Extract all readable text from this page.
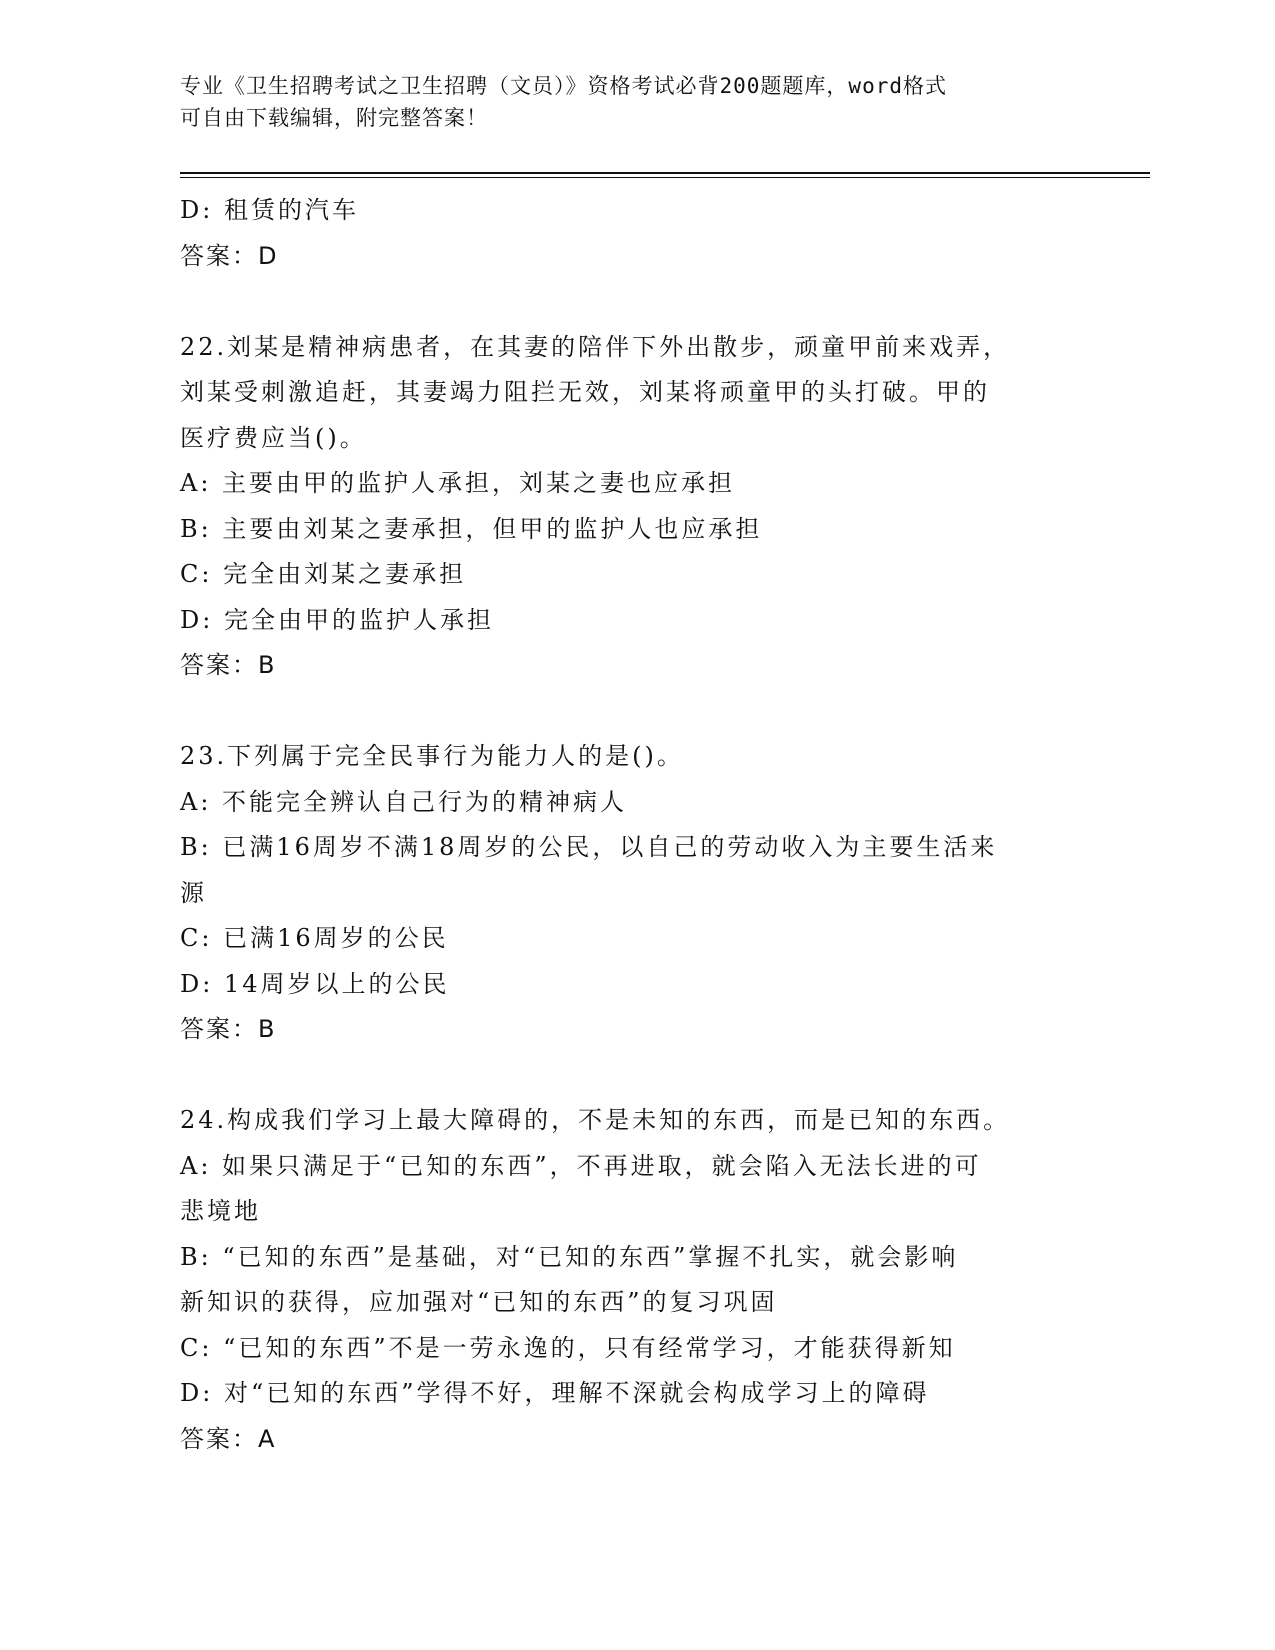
专业《卫生招聘考试之卫生招聘（文员）》资格考试必背200题题库，word格式
可自由下载编辑，附完整答案！
D: 租赁的汽车
答案：D
22.刘某是精神病患者，在其妻的陪伴下外出散步，顽童甲前来戏弄，
刘某受刺激追赶，其妻竭力阻拦无效，刘某将顽童甲的头打破。甲的
医疗费应当()。
A: 主要由甲的监护人承担，刘某之妻也应承担
B: 主要由刘某之妻承担，但甲的监护人也应承担
C: 完全由刘某之妻承担
D: 完全由甲的监护人承担
答案：B
23.下列属于完全民事行为能力人的是()。
A: 不能完全辨认自己行为的精神病人
B: 已满16周岁不满18周岁的公民，以自己的劳动收入为主要生活来
源
C: 已满16周岁的公民
D: 14周岁以上的公民
答案：B
24.构成我们学习上最大障碍的，不是未知的东西，而是已知的东西。
A: 如果只满足于“已知的东西”，不再进取，就会陷入无法长进的可
悲境地
B: “已知的东西”是基础，对“已知的东西”掌握不扎实，就会影响
新知识的获得，应加强对“已知的东西”的复习巩固
C: “已知的东西”不是一劳永逸的，只有经常学习，才能获得新知
D: 对“已知的东西”学得不好，理解不深就会构成学习上的障碍
答案：A
